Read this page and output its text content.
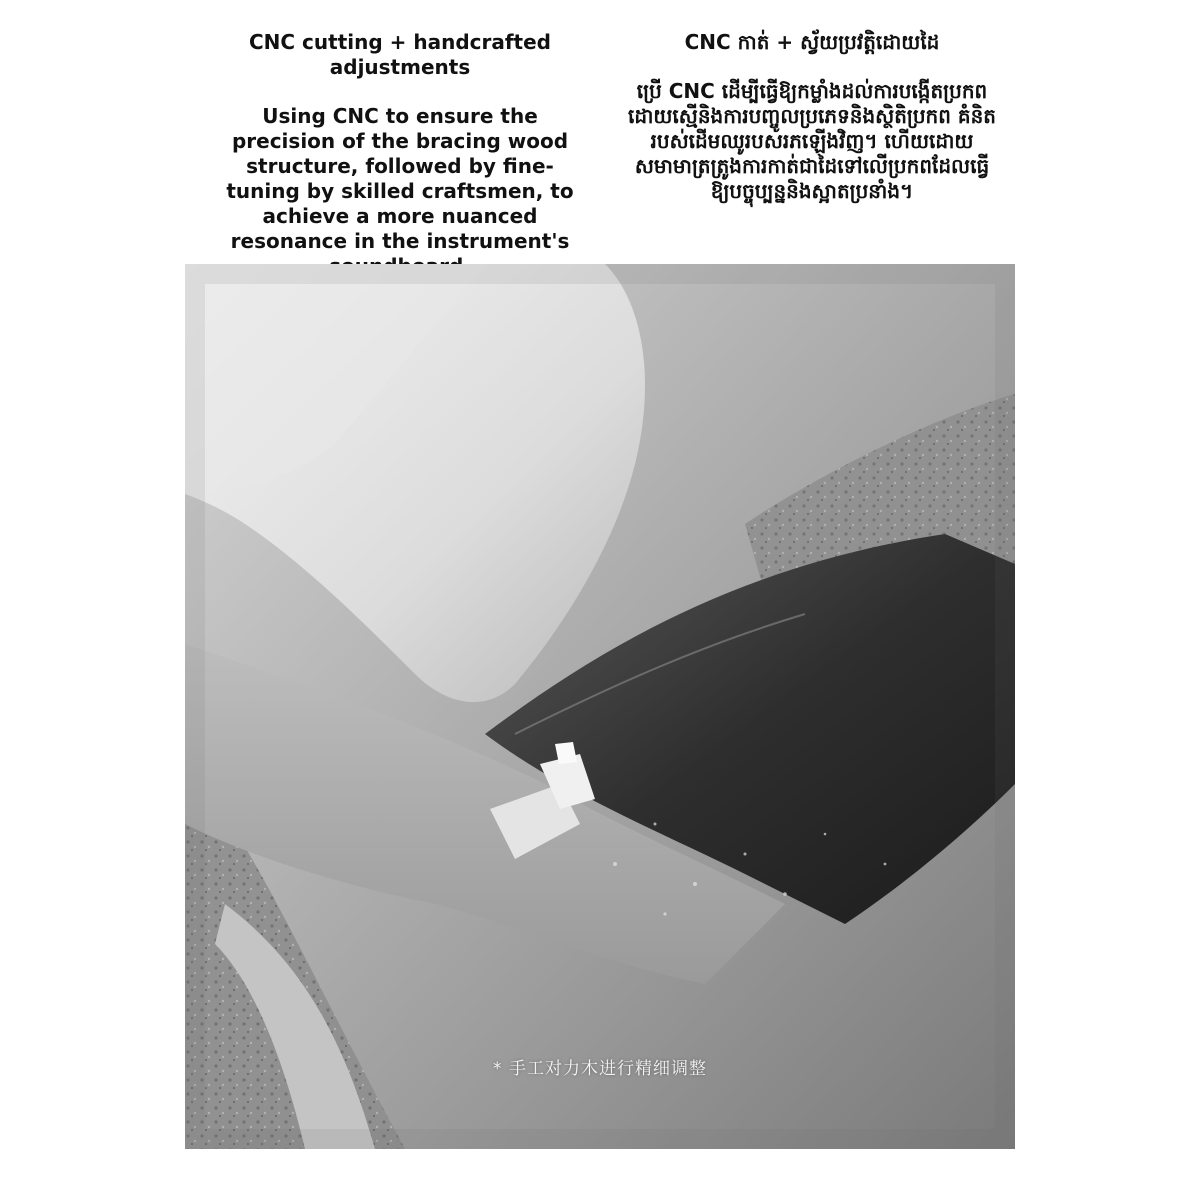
CNC cutting + handcrafted adjustments
Using CNC to ensure the precision of the bracing wood structure, followed by fine-tuning by skilled craftsmen, to achieve a more nuanced resonance in the instrument's
CNC កាត់ + ស្វ័យប្រវត្តិដោយដៃ
ប្រើ CNC ដើម្បីធ្វើឱ្យកម្លាំងដល់ការបង្កើតប្រកព ដោយស្មើនិងការបញ្ចូលប្រភេទនិងស្ថិតិប្រកព គំនិតរបស់ដើមឈូរបសរភ​ឡើងវិញ។ ហើយដោយ សមាមាត្រត្រូងការកាត់ជាដៃទៅលើប្រកពដែលធ្វើ ឱ្យបច្ចុប្បន្ននិងស្អាតប្រនាំង។
* 手工对力木进行精细调整
